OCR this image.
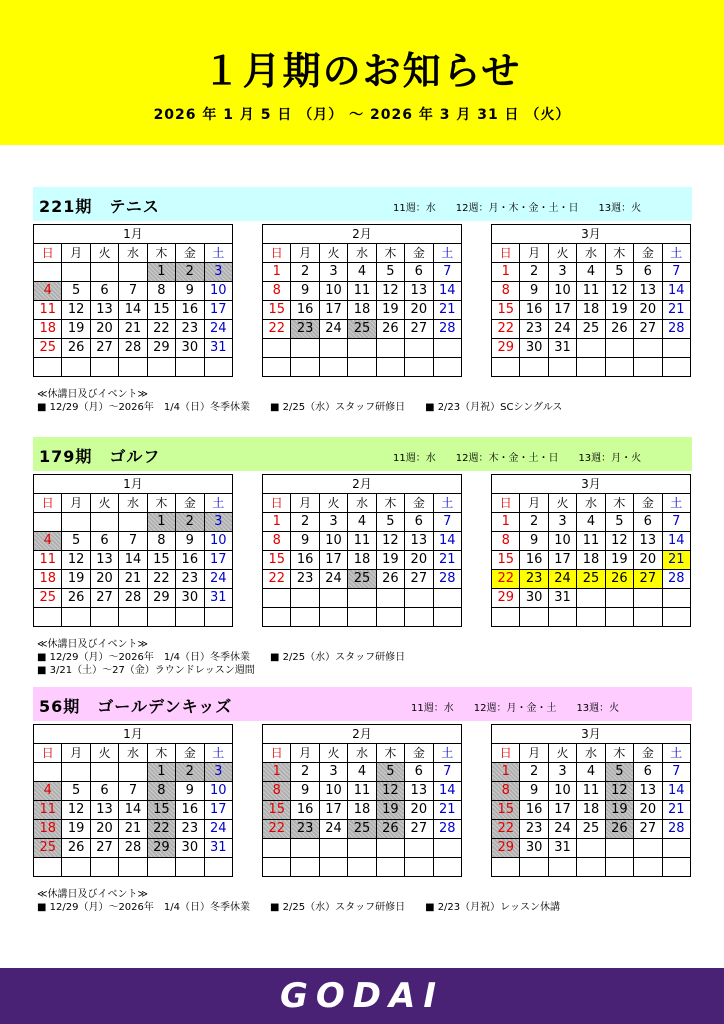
１月期のお知らせ
2026 年 1 月 5 日 （月） ～ 2026 年 3 月 31 日 （火）
221期　テニス	11週：水　　12週：月・木・金・土・日　　13週：火
1月						
日	月	火	水	木	金	土
				1	2	3
4	5	6	7	8	9	10
11	12	13	14	15	16	17
18	19	20	21	22	23	24
25	26	27	28	29	30	31

2月						
日	月	火	水	木	金	土
1	2	3	4	5	6	7
8	9	10	11	12	13	14
15	16	17	18	19	20	21
22	23	24	25	26	27	28

3月						
日	月	火	水	木	金	土
1	2	3	4	5	6	7
8	9	10	11	12	13	14
15	16	17	18	19	20	21
22	23	24	25	26	27	28
29	30	31				

≪休講日及びイベント≫
■ 12/29（月）～2026年　1/4（日）冬季休業　　■ 2/25（水）スタッフ研修日　　■ 2/23（月祝）SCシングルス
179期　ゴルフ	11週：水　　12週：木・金・土・日　　13週：月・火
1月						
日	月	火	水	木	金	土
				1	2	3
4	5	6	7	8	9	10
11	12	13	14	15	16	17
18	19	20	21	22	23	24
25	26	27	28	29	30	31

2月						
日	月	火	水	木	金	土
1	2	3	4	5	6	7
8	9	10	11	12	13	14
15	16	17	18	19	20	21
22	23	24	25	26	27	28

3月						
日	月	火	水	木	金	土
1	2	3	4	5	6	7
8	9	10	11	12	13	14
15	16	17	18	19	20	21
22	23	24	25	26	27	28
29	30	31				

≪休講日及びイベント≫
■ 12/29（月）～2026年　1/4（日）冬季休業　　■ 2/25（水）スタッフ研修日
■ 3/21（土）～27（金）ラウンドレッスン週間
56期　ゴールデンキッズ	11週：水　　12週：月・金・土　　13週：火
1月						
日	月	火	水	木	金	土
				1	2	3
4	5	6	7	8	9	10
11	12	13	14	15	16	17
18	19	20	21	22	23	24
25	26	27	28	29	30	31

2月						
日	月	火	水	木	金	土
1	2	3	4	5	6	7
8	9	10	11	12	13	14
15	16	17	18	19	20	21
22	23	24	25	26	27	28

3月						
日	月	火	水	木	金	土
1	2	3	4	5	6	7
8	9	10	11	12	13	14
15	16	17	18	19	20	21
22	23	24	25	26	27	28
29	30	31				

≪休講日及びイベント≫
■ 12/29（月）～2026年　1/4（日）冬季休業　　■ 2/25（水）スタッフ研修日　　■ 2/23（月祝）レッスン休講
GODAI
